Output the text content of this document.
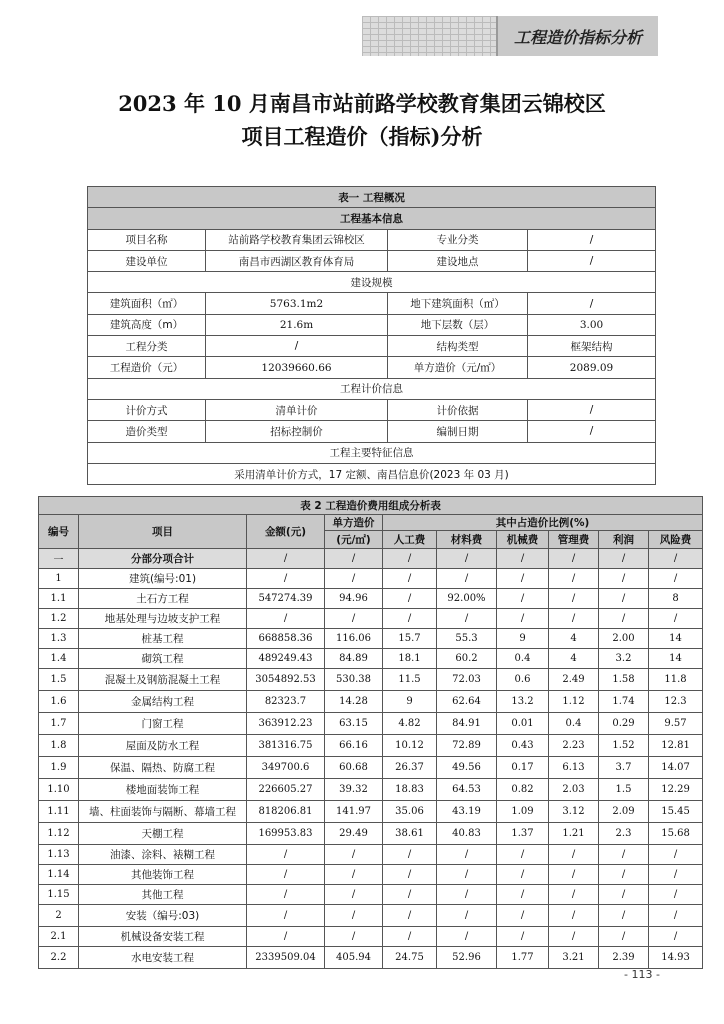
工程造价指标分析
2023 年 10 月南昌市站前路学校教育集团云锦校区
项目工程造价（指标)分析
表一 工程概况			
工程基本信息			
项目名称	站前路学校教育集团云锦校区	专业分类	/
建设单位	南昌市西湖区教育体育局	建设地点	/
建设规模			
建筑面积（㎡）	5763.1m2	地下建筑面积（㎡）	/
建筑高度（m）	21.6m	地下层数（层）	3.00
工程分类	/	结构类型	框架结构
工程造价（元）	12039660.66	单方造价（元/㎡）	2089.09
工程计价信息			
计价方式	清单计价	计价依据	/
造价类型	招标控制价	编制日期	/
工程主要特征信息			
采用清单计价方式，17 定额、南昌信息价(2023 年 03 月)			
表 2 工程造价费用组成分析表									
编号	项目	金额(元)	单方造价	其中占造价比例(%)					
			(元/㎡)	人工费	材料费	机械费	管理费	利润	风险费
一	分部分项合计	/	/	/	/	/	/	/	/
1	建筑(编号:01)	/	/	/	/	/	/	/	/
1.1	土石方工程	547274.39	94.96	/	92.00%	/	/	/	8
1.2	地基处理与边坡支护工程	/	/	/	/	/	/	/	/
1.3	桩基工程	668858.36	116.06	15.7	55.3	9	4	2.00	14
1.4	砌筑工程	489249.43	84.89	18.1	60.2	0.4	4	3.2	14
1.5	混凝土及钢筋混凝土工程	3054892.53	530.38	11.5	72.03	0.6	2.49	1.58	11.8
1.6	金属结构工程	82323.7	14.28	9	62.64	13.2	1.12	1.74	12.3
1.7	门窗工程	363912.23	63.15	4.82	84.91	0.01	0.4	0.29	9.57
1.8	屋面及防水工程	381316.75	66.16	10.12	72.89	0.43	2.23	1.52	12.81
1.9	保温、隔热、防腐工程	349700.6	60.68	26.37	49.56	0.17	6.13	3.7	14.07
1.10	楼地面装饰工程	226605.27	39.32	18.83	64.53	0.82	2.03	1.5	12.29
1.11	墙、柱面装饰与隔断、幕墙工程	818206.81	141.97	35.06	43.19	1.09	3.12	2.09	15.45
1.12	天棚工程	169953.83	29.49	38.61	40.83	1.37	1.21	2.3	15.68
1.13	油漆、涂料、裱糊工程	/	/	/	/	/	/	/	/
1.14	其他装饰工程	/	/	/	/	/	/	/	/
1.15	其他工程	/	/	/	/	/	/	/	/
2	安装（编号:03)	/	/	/	/	/	/	/	/
2.1	机械设备安装工程	/	/	/	/	/	/	/	/
2.2	水电安装工程	2339509.04	405.94	24.75	52.96	1.77	3.21	2.39	14.93
- 113 -
